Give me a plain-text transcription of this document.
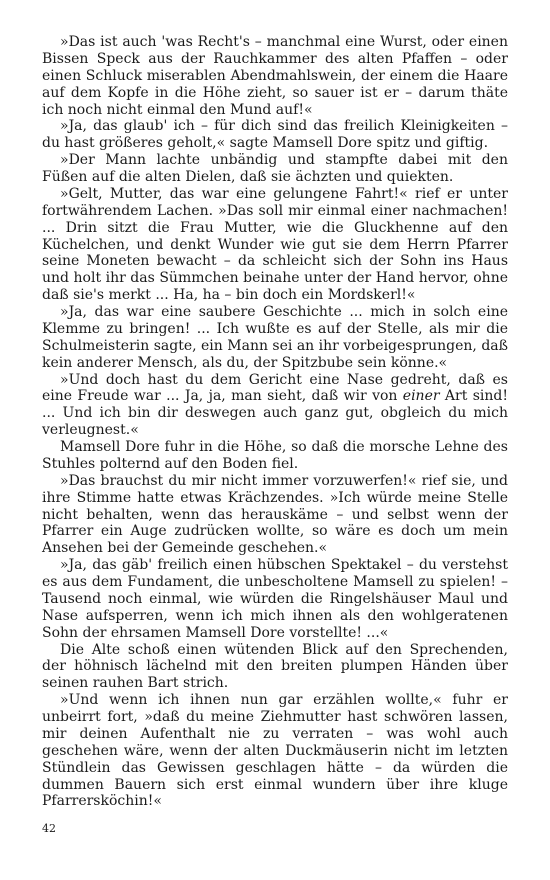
»Das ist auch 'was Recht's – manchmal eine Wurst, oder einen Bissen Speck aus der Rauchkammer des alten Pfaffen – oder einen Schluck miserablen Abendmahlswein, der einem die Haare auf dem Kopfe in die Höhe zieht, so sauer ist er – darum thäte ich noch nicht einmal den Mund auf!«

»Ja, das glaub' ich – für dich sind das freilich Kleinigkeiten – du hast größeres geholt,« sagte Mamsell Dore spitz und giftig.

»Der Mann lachte unbändig und stampfte dabei mit den Füßen auf die alten Dielen, daß sie ächzten und quiekten.

»Gelt, Mutter, das war eine gelungene Fahrt!« rief er unter fortwährendem Lachen. »Das soll mir einmal einer nachmachen! ... Drin sitzt die Frau Mutter, wie die Gluckhenne auf den Küchelchen, und denkt Wunder wie gut sie dem Herrn Pfarrer seine Moneten bewacht – da schleicht sich der Sohn ins Haus und holt ihr das Sümmchen beinahe unter der Hand hervor, ohne daß sie's merkt ... Ha, ha – bin doch ein Mordskerl!«

»Ja, das war eine saubere Geschichte ... mich in solch eine Klemme zu bringen! ... Ich wußte es auf der Stelle, als mir die Schulmeisterin sagte, ein Mann sei an ihr vorbeigesprungen, daß kein anderer Mensch, als du, der Spitzbube sein könne.«

»Und doch hast du dem Gericht eine Nase gedreht, daß es eine Freude war ... Ja, ja, man sieht, daß wir von einer Art sind! ... Und ich bin dir deswegen auch ganz gut, obgleich du mich verleugnest.«

Mamsell Dore fuhr in die Höhe, so daß die morsche Lehne des Stuhles polternd auf den Boden fiel.

»Das brauchst du mir nicht immer vorzuwerfen!« rief sie, und ihre Stimme hatte etwas Krächzendes. »Ich würde meine Stelle nicht behalten, wenn das herauskäme – und selbst wenn der Pfarrer ein Auge zudrücken wollte, so wäre es doch um mein Ansehen bei der Gemeinde geschehen.«

»Ja, das gäb' freilich einen hübschen Spektakel – du verstehst es aus dem Fundament, die unbescholtene Mamsell zu spielen! – Tausend noch einmal, wie würden die Ringelshäuser Maul und Nase aufsperren, wenn ich mich ihnen als den wohlgeratenen Sohn der ehrsamen Mamsell Dore vorstellte! ...«

Die Alte schoß einen wütenden Blick auf den Sprechenden, der höhnisch lächelnd mit den breiten plumpen Händen über seinen rauhen Bart strich.

»Und wenn ich ihnen nun gar erzählen wollte,« fuhr er unbeirrt fort, »daß du meine Ziehmutter hast schwören lassen, mir deinen Aufenthalt nie zu verraten – was wohl auch geschehen wäre, wenn der alten Duckmäuserin nicht im letzten Stündlein das Gewissen geschlagen hätte – da würden die dummen Bauern sich erst einmal wundern über ihre kluge Pfarrersköchin!«

42
